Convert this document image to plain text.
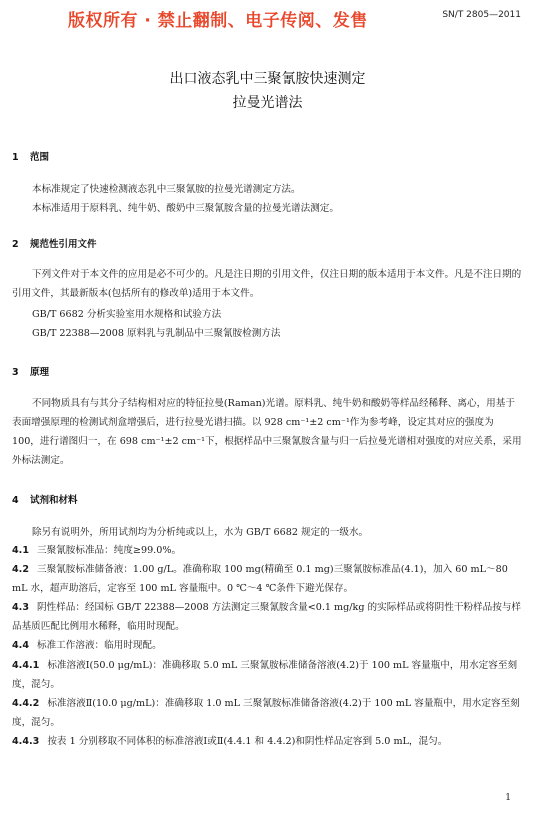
版权所有 · 禁止翻制、电子传阅、发售	SN/T 2805—2011
出口液态乳中三聚氰胺快速测定
拉曼光谱法
1 范围
本标准规定了快速检测液态乳中三聚氰胺的拉曼光谱测定方法。
本标准适用于原料乳、纯牛奶、酸奶中三聚氰胺含量的拉曼光谱法测定。
2 规范性引用文件

下列文件对于本文件的应用是必不可少的。凡是注日期的引用文件，仅注日期的版本适用于本文件。凡是不注日期的引用文件，其最新版本(包括所有的修改单)适用于本文件。

GB/T 6682 分析实验室用水规格和试验方法
GB/T 22388—2008 原料乳与乳制品中三聚氰胺检测方法
3 原理

不同物质具有与其分子结构相对应的特征拉曼(Raman)光谱。原料乳、纯牛奶和酸奶等样品经稀释、离心，用基于表面增强原理的检测试剂盒增强后，进行拉曼光谱扫描。以 928 cm⁻¹±2 cm⁻¹作为参考峰，设定其对应的强度为 100，进行谱图归一，在 698 cm⁻¹±2 cm⁻¹下，根据样品中三聚氰胺含量与归一后拉曼光谱相对强度的对应关系，采用外标法测定。

4 试剂和材料
除另有说明外，所用试剂均为分析纯或以上，水为 GB/T 6682 规定的一级水。

4.1 三聚氰胺标准品：纯度≥99.0%。

4.2 三聚氰胺标准储备液：1.00 g/L。准确称取 100 mg(精确至 0.1 mg)三聚氰胺标准品(4.1)，加入 60 mL～80 mL 水，超声助溶后，定容至 100 mL 容量瓶中。0 ℃～4 ℃条件下避光保存。

4.3 阴性样品：经国标 GB/T 22388—2008 方法测定三聚氰胺含量<0.1 mg/kg 的实际样品或将阴性干粉样品按与样品基质匹配比例用水稀释，临用时现配。

4.4 标准工作溶液：临用时现配。

4.4.1 标准溶液Ⅰ(50.0 μg/mL)：准确移取 5.0 mL 三聚氰胺标准储备溶液(4.2)于 100 mL 容量瓶中，用水定容至刻度，混匀。

4.4.2 标准溶液Ⅱ(10.0 μg/mL)：准确移取 1.0 mL 三聚氰胺标准储备溶液(4.2)于 100 mL 容量瓶中，用水定容至刻度，混匀。

4.4.3 按表 1 分别移取不同体积的标准溶液Ⅰ或Ⅱ(4.4.1 和 4.4.2)和阴性样品定容到 5.0 mL，混匀。

1
